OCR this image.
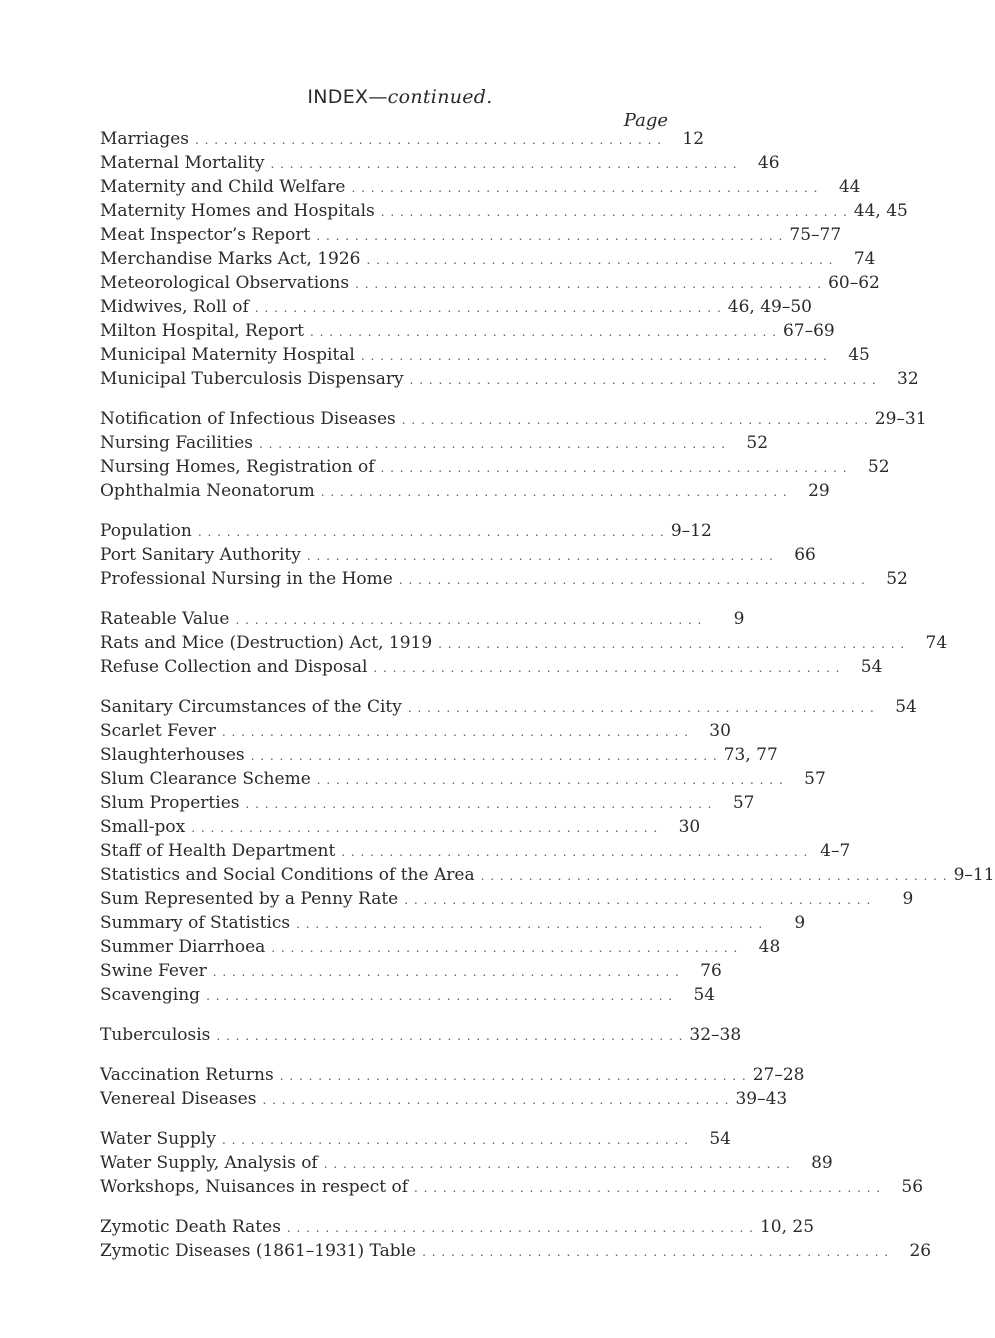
INDEX—continued.
Page
Marriages . . . . . . . . . . . . . . . . . . . . . . . . . . . . . . . . . . . . . . . . . . . . . . . . .	12
Maternal Mortality . . . . . . . . . . . . . . . . . . . . . . . . . . . . . . . . . . . . . . . . . . . . . . . . .	46
Maternity and Child Welfare . . . . . . . . . . . . . . . . . . . . . . . . . . . . . . . . . . . . . . . . . . . . . . . . .	44
Maternity Homes and Hospitals . . . . . . . . . . . . . . . . . . . . . . . . . . . . . . . . . . . . . . . . . . . . . . . . . 44, 45
Meat Inspector’s Report . . . . . . . . . . . . . . . . . . . . . . . . . . . . . . . . . . . . . . . . . . . . . . . . . 75–77
Merchandise Marks Act, 1926 . . . . . . . . . . . . . . . . . . . . . . . . . . . . . . . . . . . . . . . . . . . . . . . . .	74
Meteorological Observations . . . . . . . . . . . . . . . . . . . . . . . . . . . . . . . . . . . . . . . . . . . . . . . . . 60–62
Midwives, Roll of . . . . . . . . . . . . . . . . . . . . . . . . . . . . . . . . . . . . . . . . . . . . . . . . . 46, 49–50
Milton Hospital, Report . . . . . . . . . . . . . . . . . . . . . . . . . . . . . . . . . . . . . . . . . . . . . . . . . 67–69
Municipal Maternity Hospital . . . . . . . . . . . . . . . . . . . . . . . . . . . . . . . . . . . . . . . . . . . . . . . . .	45
Municipal Tuberculosis Dispensary . . . . . . . . . . . . . . . . . . . . . . . . . . . . . . . . . . . . . . . . . . . . . . . . .	32
Notification of Infectious Diseases . . . . . . . . . . . . . . . . . . . . . . . . . . . . . . . . . . . . . . . . . . . . . . . . . 29–31
Nursing Facilities . . . . . . . . . . . . . . . . . . . . . . . . . . . . . . . . . . . . . . . . . . . . . . . . .	52
Nursing Homes, Registration of . . . . . . . . . . . . . . . . . . . . . . . . . . . . . . . . . . . . . . . . . . . . . . . . .	52
Ophthalmia Neonatorum . . . . . . . . . . . . . . . . . . . . . . . . . . . . . . . . . . . . . . . . . . . . . . . . .	29
Population . . . . . . . . . . . . . . . . . . . . . . . . . . . . . . . . . . . . . . . . . . . . . . . . . 9–12
Port Sanitary Authority . . . . . . . . . . . . . . . . . . . . . . . . . . . . . . . . . . . . . . . . . . . . . . . . .	66
Professional Nursing in the Home . . . . . . . . . . . . . . . . . . . . . . . . . . . . . . . . . . . . . . . . . . . . . . . . .	52
Rateable Value . . . . . . . . . . . . . . . . . . . . . . . . . . . . . . . . . . . . . . . . . . . . . . . . .	9
Rats and Mice (Destruction) Act, 1919 . . . . . . . . . . . . . . . . . . . . . . . . . . . . . . . . . . . . . . . . . . . . . . . . .	74
Refuse Collection and Disposal . . . . . . . . . . . . . . . . . . . . . . . . . . . . . . . . . . . . . . . . . . . . . . . . .	54
Sanitary Circumstances of the City . . . . . . . . . . . . . . . . . . . . . . . . . . . . . . . . . . . . . . . . . . . . . . . . .	54
Scarlet Fever . . . . . . . . . . . . . . . . . . . . . . . . . . . . . . . . . . . . . . . . . . . . . . . . .	30
Slaughterhouses . . . . . . . . . . . . . . . . . . . . . . . . . . . . . . . . . . . . . . . . . . . . . . . . . 73, 77
Slum Clearance Scheme . . . . . . . . . . . . . . . . . . . . . . . . . . . . . . . . . . . . . . . . . . . . . . . . .	57
Slum Properties . . . . . . . . . . . . . . . . . . . . . . . . . . . . . . . . . . . . . . . . . . . . . . . . .	57
Small-pox . . . . . . . . . . . . . . . . . . . . . . . . . . . . . . . . . . . . . . . . . . . . . . . . .	30
Staff of Health Department . . . . . . . . . . . . . . . . . . . . . . . . . . . . . . . . . . . . . . . . . . . . . . . . . 4–7
Statistics and Social Conditions of the Area . . . . . . . . . . . . . . . . . . . . . . . . . . . . . . . . . . . . . . . . . . . . . . . . . 9–11
Sum Represented by a Penny Rate . . . . . . . . . . . . . . . . . . . . . . . . . . . . . . . . . . . . . . . . . . . . . . . . .	9
Summary of Statistics . . . . . . . . . . . . . . . . . . . . . . . . . . . . . . . . . . . . . . . . . . . . . . . . .	9
Summer Diarrhoea . . . . . . . . . . . . . . . . . . . . . . . . . . . . . . . . . . . . . . . . . . . . . . . . .	48
Swine Fever . . . . . . . . . . . . . . . . . . . . . . . . . . . . . . . . . . . . . . . . . . . . . . . . .	76
Scavenging . . . . . . . . . . . . . . . . . . . . . . . . . . . . . . . . . . . . . . . . . . . . . . . . .	54
Tuberculosis . . . . . . . . . . . . . . . . . . . . . . . . . . . . . . . . . . . . . . . . . . . . . . . . . 32–38
Vaccination Returns . . . . . . . . . . . . . . . . . . . . . . . . . . . . . . . . . . . . . . . . . . . . . . . . . 27–28
Venereal Diseases . . . . . . . . . . . . . . . . . . . . . . . . . . . . . . . . . . . . . . . . . . . . . . . . . 39–43
Water Supply . . . . . . . . . . . . . . . . . . . . . . . . . . . . . . . . . . . . . . . . . . . . . . . . .	54
Water Supply, Analysis of . . . . . . . . . . . . . . . . . . . . . . . . . . . . . . . . . . . . . . . . . . . . . . . . .	89
Workshops, Nuisances in respect of . . . . . . . . . . . . . . . . . . . . . . . . . . . . . . . . . . . . . . . . . . . . . . . . .	56
Zymotic Death Rates . . . . . . . . . . . . . . . . . . . . . . . . . . . . . . . . . . . . . . . . . . . . . . . . . 10, 25
Zymotic Diseases (1861–1931) Table . . . . . . . . . . . . . . . . . . . . . . . . . . . . . . . . . . . . . . . . . . . . . . . . .	26
